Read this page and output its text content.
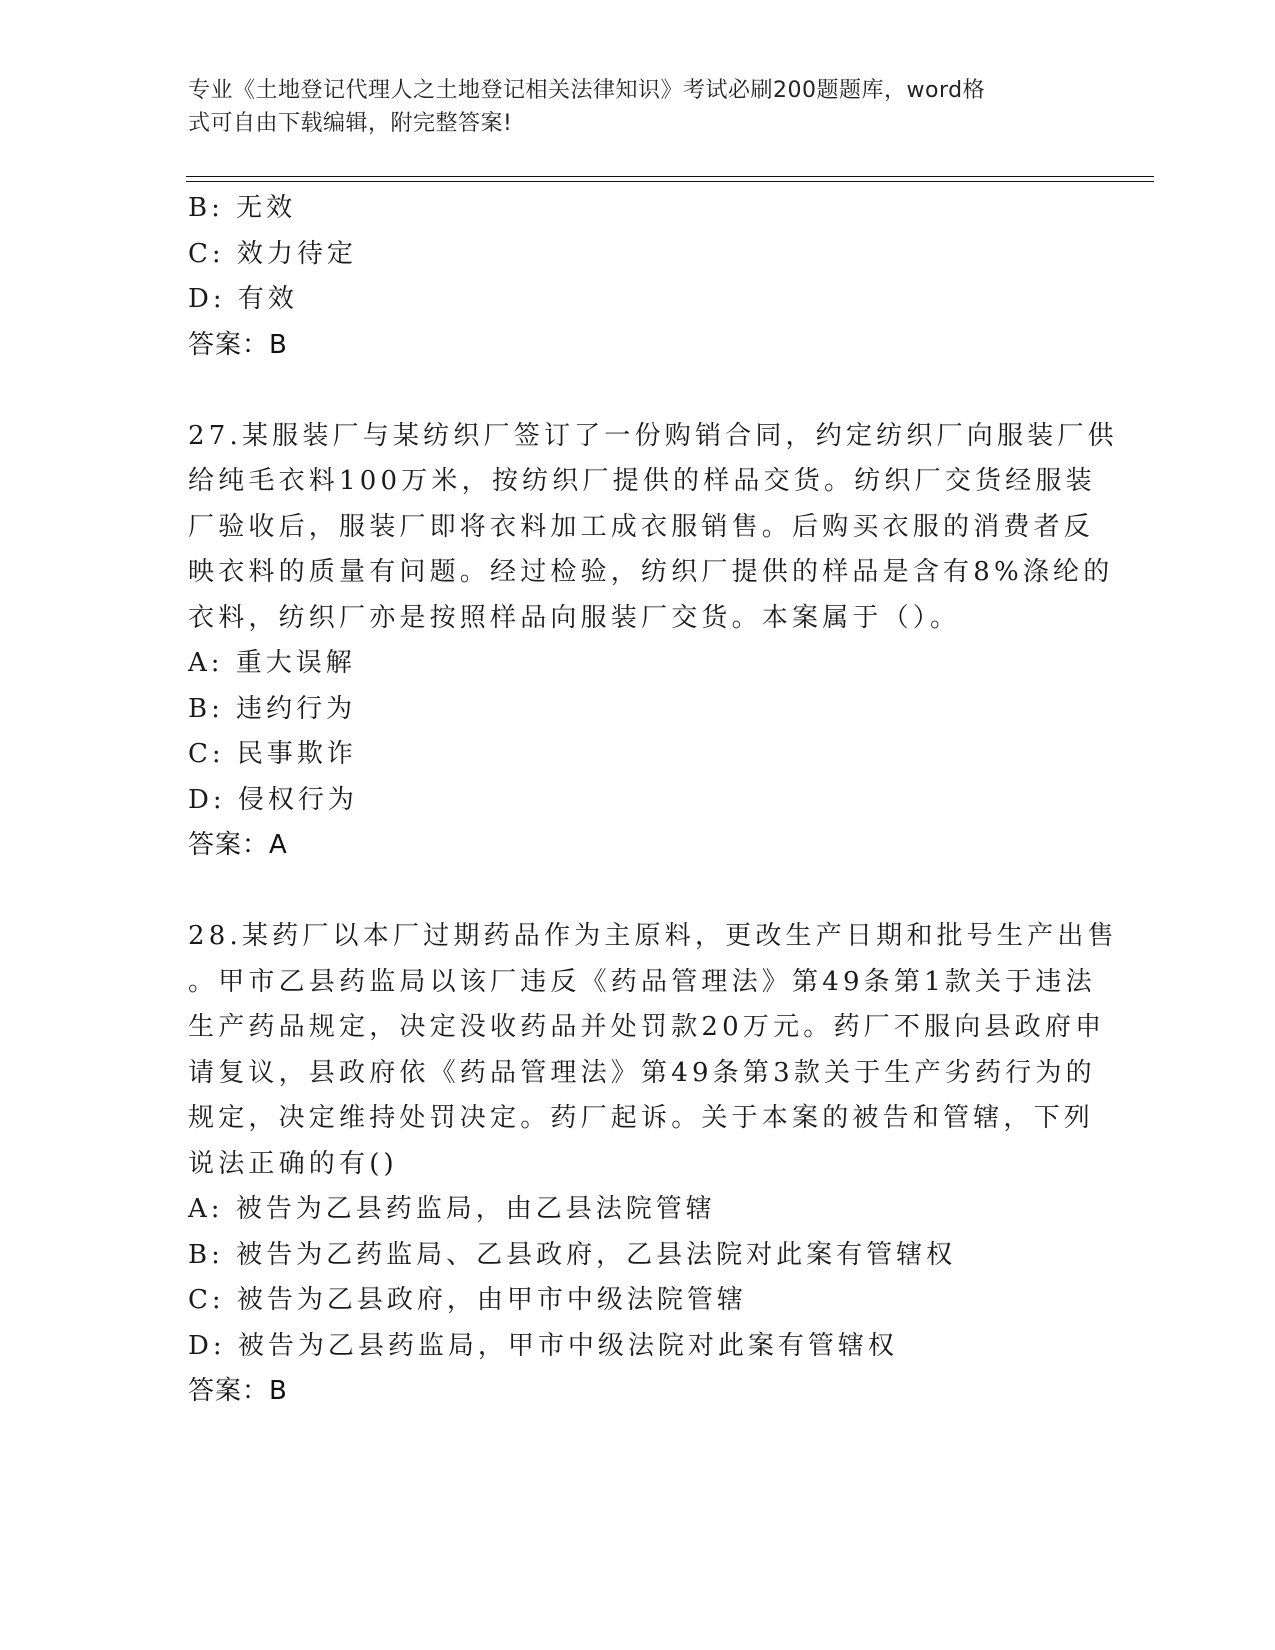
专业《土地登记代理人之土地登记相关法律知识》考试必刷200题题库，word格
式可自由下载编辑，附完整答案!
B: 无效
C: 效力待定
D: 有效
答案：B
27.某服装厂与某纺织厂签订了一份购销合同，约定纺织厂向服装厂供
给纯毛衣料100万米，按纺织厂提供的样品交货。纺织厂交货经服装
厂验收后，服装厂即将衣料加工成衣服销售。后购买衣服的消费者反
映衣料的质量有问题。经过检验，纺织厂提供的样品是含有8%涤纶的
衣料，纺织厂亦是按照样品向服装厂交货。本案属于（）。
A: 重大误解
B: 违约行为
C: 民事欺诈
D: 侵权行为
答案：A
28.某药厂以本厂过期药品作为主原料，更改生产日期和批号生产出售
。甲市乙县药监局以该厂违反《药品管理法》第49条第1款关于违法
生产药品规定，决定没收药品并处罚款20万元。药厂不服向县政府申
请复议，县政府依《药品管理法》第49条第3款关于生产劣药行为的
规定，决定维持处罚决定。药厂起诉。关于本案的被告和管辖，下列
说法正确的有()
A: 被告为乙县药监局，由乙县法院管辖
B: 被告为乙药监局、乙县政府，乙县法院对此案有管辖权
C: 被告为乙县政府，由甲市中级法院管辖
D: 被告为乙县药监局，甲市中级法院对此案有管辖权
答案：B
